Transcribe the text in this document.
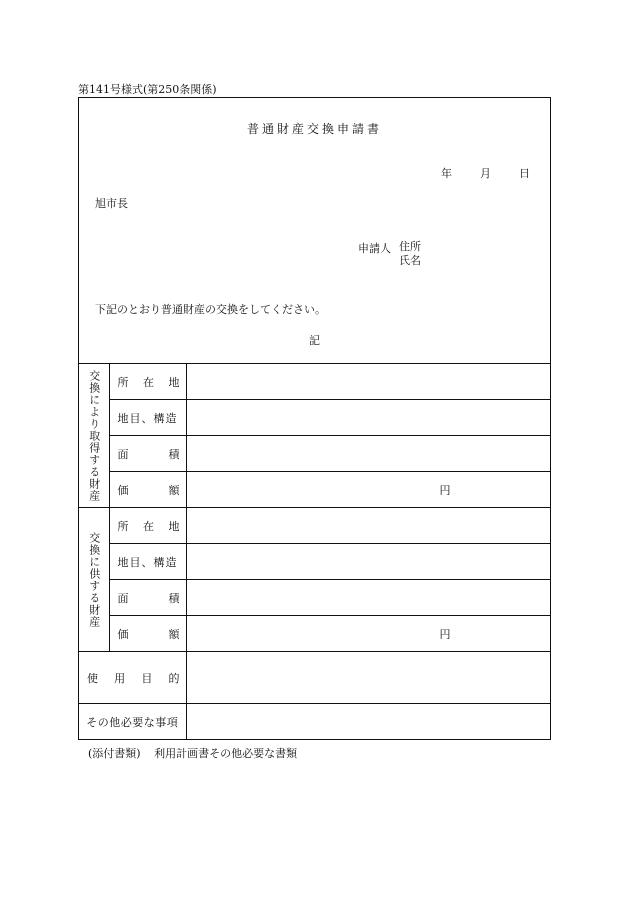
第141号様式(第250条関係)
普通財産交換申請書
年	月	日
旭市長
申請人 住所
氏名
下記のとおり普通財産の交換をしてください。
記
交換により取得する財産	所 在 地	

	地目、構造	

	面 積	

	価 額	円

交換に供する財産	所 在 地	

	地目、構造	

	面 積	

	価 額	円

使 用 目 的		

その他必要な事項		

(添付書類) 利用計画書その他必要な書類
